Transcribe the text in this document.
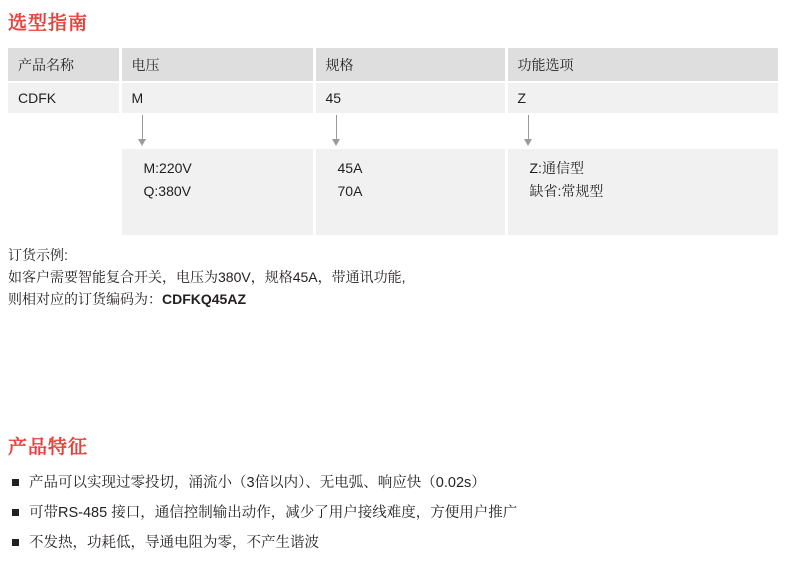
选型指南
产品名称	电压	规格	功能选项
CDFK	M	45	Z

M:220V
Q:380V

45A
70A

Z:通信型
缺省:常规型
订货示例:
如客户需要智能复合开关，电压为380V，规格45A，带通讯功能,
则相对应的订货编码为：CDFKQ45AZ
产品特征
产品可以实现过零投切，涌流小（3倍以内）、无电弧、响应快（0.02s）
可带RS-485 接口，通信控制输出动作，减少了用户接线难度，方便用户推广
不发热，功耗低，导通电阻为零，不产生谐波
